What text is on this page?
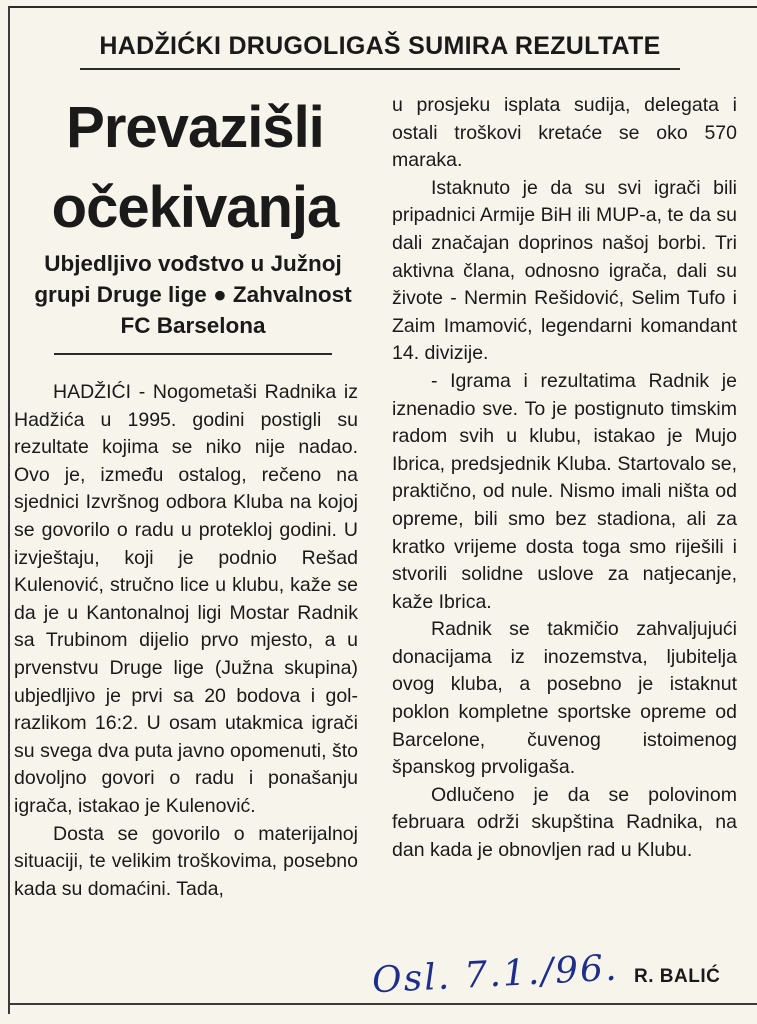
HADŽIĆKI DRUGOLIGAŠ SUMIRA REZULTATE
Prevazišli
očekivanja
Ubjedljivo vođstvo u Južnoj grupi Druge lige ● Zahvalnost FC Barselona

HADŽIĆI - Nogometaši Radnika iz Hadžića u 1995. godini postigli su rezultate kojima se niko nije nadao. Ovo je, između ostalog, rečeno na sjednici Izvršnog odbora Kluba na kojoj se govorilo o radu u protekloj godini. U izvještaju, koji je podnio Rešad Kulenović, stručno lice u klubu, kaže se da je u Kantonalnoj ligi Mostar Radnik sa Trubinom dijelio prvo mjesto, a u prvenstvu Druge lige (Južna skupina) ubjedljivo je prvi sa 20 bodova i gol-razlikom 16:2. U osam utakmica igrači su svega dva puta javno opomenuti, što dovoljno govori o radu i ponašanju igrača, istakao je Kulenović.

Dosta se govorilo o materijalnoj situaciji, te velikim troškovima, posebno kada su domaćini. Tada,

u prosjeku isplata sudija, delegata i ostali troškovi kretaće se oko 570 maraka.

Istaknuto je da su svi igrači bili pripadnici Armije BiH ili MUP-a, te da su dali značajan doprinos našoj borbi. Tri aktivna člana, odnosno igrača, dali su živote - Nermin Rešidović, Selim Tufo i Zaim Imamović, legendarni komandant 14. divizije.

- Igrama i rezultatima Radnik je iznenadio sve. To je postignuto timskim radom svih u klubu, istakao je Mujo Ibrica, predsjednik Kluba. Startovalo se, praktično, od nule. Nismo imali ništa od opreme, bili smo bez stadiona, ali za kratko vrijeme dosta toga smo riješili i stvorili solidne uslove za natjecanje, kaže Ibrica.

Radnik se takmičio zahvaljujući donacijama iz inozemstva, ljubitelja ovog kluba, a posebno je istaknut poklon kompletne sportske opreme od Barcelone, čuvenog istoimenog španskog prvoligaša.

Odlučeno je da se polovinom februara održi skupština Radnika, na dan kada je obnovljen rad u Klubu.

Osl. 7.1./96. R. BALIĆ
